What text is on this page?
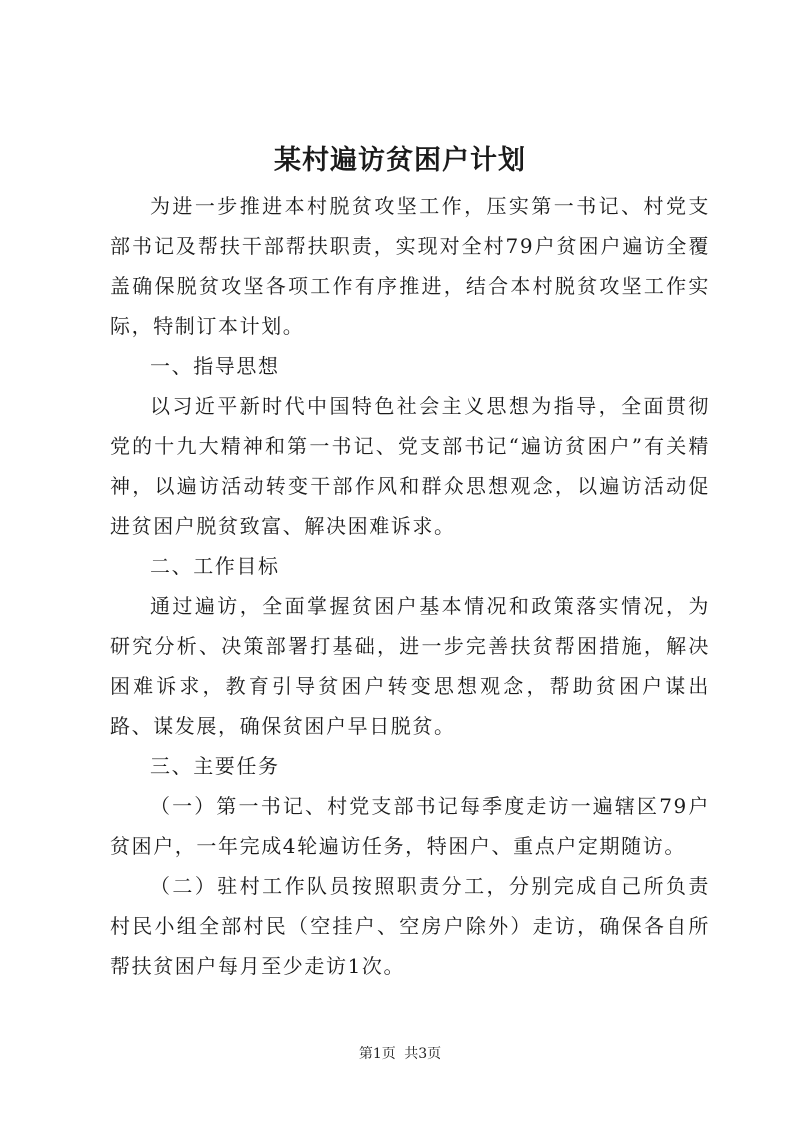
某村遍访贫困户计划

为进一步推进本村脱贫攻坚工作，压实第一书记、村党支部书记及帮扶干部帮扶职责，实现对全村79户贫困户遍访全覆盖确保脱贫攻坚各项工作有序推进，结合本村脱贫攻坚工作实际，特制订本计划。

一、指导思想

以习近平新时代中国特色社会主义思想为指导，全面贯彻党的十九大精神和第一书记、党支部书记“遍访贫困户”有关精神，以遍访活动转变干部作风和群众思想观念，以遍访活动促进贫困户脱贫致富、解决困难诉求。

二、工作目标

通过遍访，全面掌握贫困户基本情况和政策落实情况，为研究分析、决策部署打基础，进一步完善扶贫帮困措施，解决困难诉求，教育引导贫困户转变思想观念，帮助贫困户谋出路、谋发展，确保贫困户早日脱贫。

三、主要任务

（一）第一书记、村党支部书记每季度走访一遍辖区79户贫困户，一年完成4轮遍访任务，特困户、重点户定期随访。

（二）驻村工作队员按照职责分工，分别完成自己所负责村民小组全部村民（空挂户、空房户除外）走访，确保各自所帮扶贫困户每月至少走访1次。

第1页 共3页
